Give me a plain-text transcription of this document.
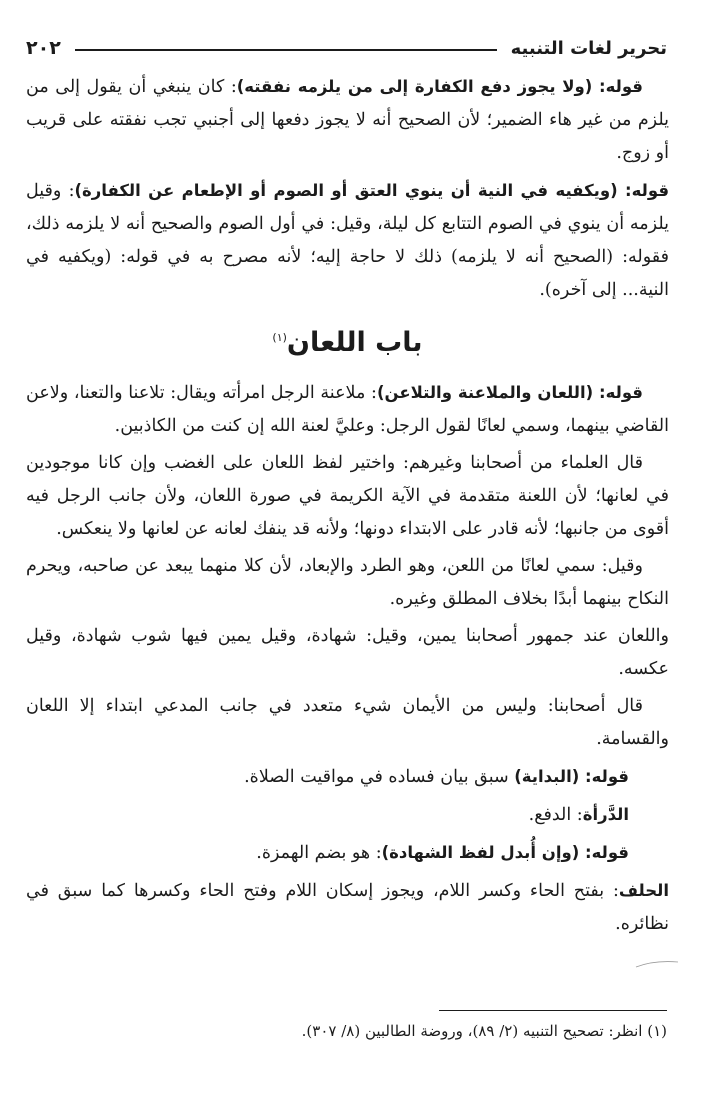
تحرير لغات التنبيه
٢٠٢

قوله: (ولا يجوز دفع الكفارة إلى من يلزمه نفقته): كان ينبغي أن يقول إلى من يلزم من غير هاء الضمير؛ لأن الصحيح أنه لا يجوز دفعها إلى أجنبي تجب نفقته على قريب أو زوج.

قوله: (ويكفيه في النية أن ينوي العتق أو الصوم أو الإطعام عن الكفارة): وقيل يلزمه أن ينوي في الصوم التتابع كل ليلة، وقيل: في أول الصوم والصحيح أنه لا يلزمه ذلك، فقوله: (الصحيح أنه لا يلزمه) ذلك لا حاجة إليه؛ لأنه مصرح به في قوله: (ويكفيه في النية... إلى آخره).

باب اللعان$^{(١)}$

قوله: (اللعان والملاعنة والتلاعن): ملاعنة الرجل امرأته ويقال: تلاعنا والتعنا، ولاعن القاضي بينهما، وسمي لعانًا لقول الرجل: وعليَّ لعنة الله إن كنت من الكاذبين.

قال العلماء من أصحابنا وغيرهم: واختير لفظ اللعان على الغضب وإن كانا موجودين في لعانها؛ لأن اللعنة متقدمة في الآية الكريمة في صورة اللعان، ولأن جانب الرجل فيه أقوى من جانبها؛ لأنه قادر على الابتداء دونها؛ ولأنه قد ينفك لعانه عن لعانها ولا ينعكس.

وقيل: سمي لعانًا من اللعن، وهو الطرد والإبعاد، لأن كلا منهما يبعد عن صاحبه، ويحرم النكاح بينهما أبدًا بخلاف المطلق وغيره.

واللعان عند جمهور أصحابنا يمين، وقيل: شهادة، وقيل يمين فيها شوب شهادة، وقيل عكسه.

قال أصحابنا: وليس من الأيمان شيء متعدد في جانب المدعي ابتداء إلا اللعان والقسامة.

قوله: (البداية) سبق بيان فساده في مواقيت الصلاة.

الدَّرأة: الدفع.

قوله: (وإن أُبدل لفظ الشهادة): هو بضم الهمزة.

الحلف: بفتح الحاء وكسر اللام، ويجوز إسكان اللام وفتح الحاء وكسرها كما سبق في نظائره.

(١) انظر: تصحيح التنبيه (٢/ ٨٩)، وروضة الطالبين (٨/ ٣٠٧).
